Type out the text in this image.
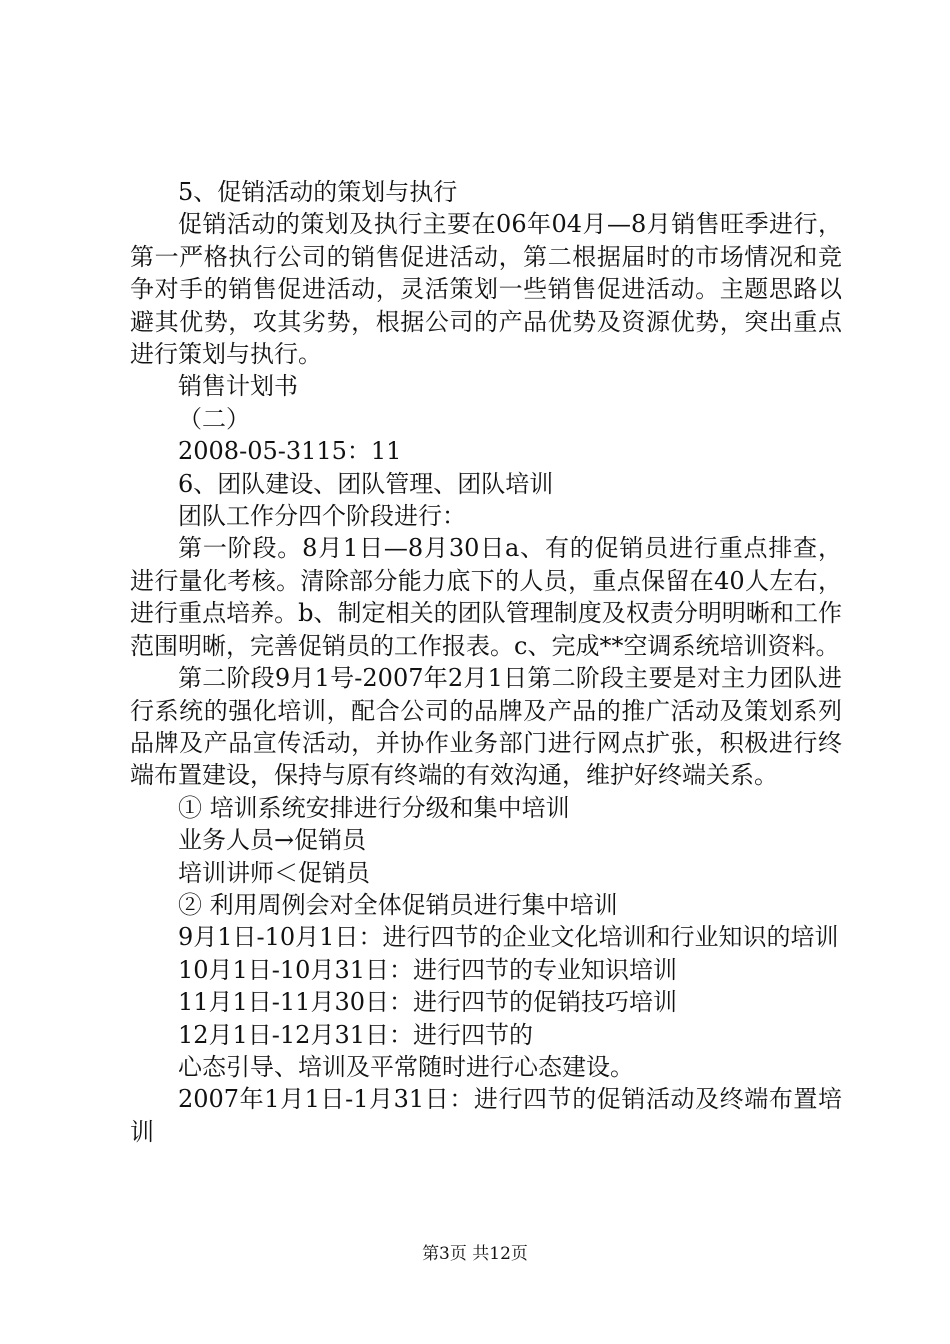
5、促销活动的策划与执行

促销活动的策划及执行主要在06年04月—8月销售旺季进行，第一严格执行公司的销售促进活动，第二根据届时的市场情况和竞争对手的销售促进活动，灵活策划一些销售促进活动。主题思路以避其优势，攻其劣势，根据公司的产品优势及资源优势，突出重点进行策划与执行。

销售计划书

（二）

2008-05-3115：11

6、团队建设、团队管理、团队培训

团队工作分四个阶段进行：

第一阶段。8月1日—8月30日a、有的促销员进行重点排查，进行量化考核。清除部分能力底下的人员，重点保留在40人左右，进行重点培养。b、制定相关的团队管理制度及权责分明明晰和工作范围明晰，完善促销员的工作报表。c、完成**空调系统培训资料。

第二阶段9月1号-2007年2月1日第二阶段主要是对主力团队进行系统的强化培训，配合公司的品牌及产品的推广活动及策划系列品牌及产品宣传活动，并协作业务部门进行网点扩张，积极进行终端布置建设，保持与原有终端的有效沟通，维护好终端关系。

① 培训系统安排进行分级和集中培训

业务人员→促销员

培训讲师＜促销员

② 利用周例会对全体促销员进行集中培训

9月1日-10月1日：进行四节的企业文化培训和行业知识的培训

10月1日-10月31日：进行四节的专业知识培训

11月1日-11月30日：进行四节的促销技巧培训

12月1日-12月31日：进行四节的

心态引导、培训及平常随时进行心态建设。

2007年1月1日-1月31日：进行四节的促销活动及终端布置培训

第3页 共12页
